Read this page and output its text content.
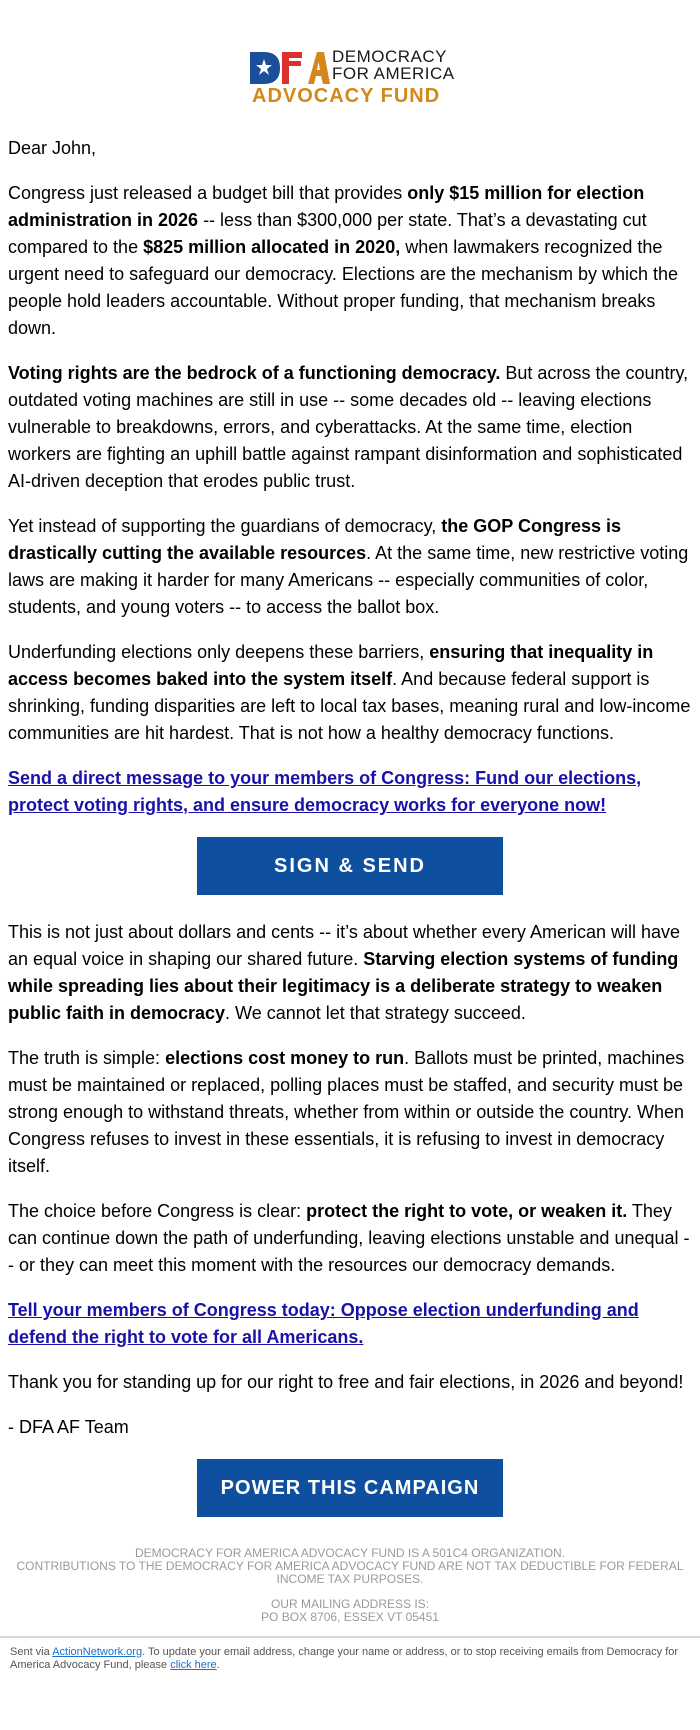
DEMOCRACY
FOR AMERICA
ADVOCACY FUND

Dear John,

Congress just released a budget bill that provides only $15 million for election administration in 2026 -- less than $300,000 per state. That’s a devastating cut compared to the $825 million allocated in 2020, when lawmakers recognized the urgent need to safeguard our democracy. Elections are the mechanism by which the people hold leaders accountable. Without proper funding, that mechanism breaks down.

Voting rights are the bedrock of a functioning democracy. But across the country, outdated voting machines are still in use -- some decades old -- leaving elections vulnerable to breakdowns, errors, and cyberattacks. At the same time, election workers are fighting an uphill battle against rampant disinformation and sophisticated AI-driven deception that erodes public trust.

Yet instead of supporting the guardians of democracy, the GOP Congress is drastically cutting the available resources. At the same time, new restrictive voting laws are making it harder for many Americans -- especially communities of color, students, and young voters -- to access the ballot box.

Underfunding elections only deepens these barriers, ensuring that inequality in access becomes baked into the system itself. And because federal support is shrinking, funding disparities are left to local tax bases, meaning rural and low-income communities are hit hardest. That is not how a healthy democracy functions.

Send a direct message to your members of Congress: Fund our elections, protect voting rights, and ensure democracy works for everyone now!

SIGN & SEND

This is not just about dollars and cents -- it’s about whether every American will have an equal voice in shaping our shared future. Starving election systems of funding while spreading lies about their legitimacy is a deliberate strategy to weaken public faith in democracy. We cannot let that strategy succeed.

The truth is simple: elections cost money to run. Ballots must be printed, machines must be maintained or replaced, polling places must be staffed, and security must be strong enough to withstand threats, whether from within or outside the country. When Congress refuses to invest in these essentials, it is refusing to invest in democracy itself.

The choice before Congress is clear: protect the right to vote, or weaken it. They can continue down the path of underfunding, leaving elections unstable and unequal -- or they can meet this moment with the resources our democracy demands.

Tell your members of Congress today: Oppose election underfunding and defend the right to vote for all Americans.

Thank you for standing up for our right to free and fair elections, in 2026 and beyond!

- DFA AF Team

POWER THIS CAMPAIGN
DEMOCRACY FOR AMERICA ADVOCACY FUND IS A 501C4 ORGANIZATION.
CONTRIBUTIONS TO THE DEMOCRACY FOR AMERICA ADVOCACY FUND ARE NOT TAX DEDUCTIBLE FOR FEDERAL INCOME TAX PURPOSES.
OUR MAILING ADDRESS IS:
PO BOX 8706, ESSEX VT 05451
Sent via ActionNetwork.org. To update your email address, change your name or address, or to stop receiving emails from Democracy for America Advocacy Fund, please click here.
